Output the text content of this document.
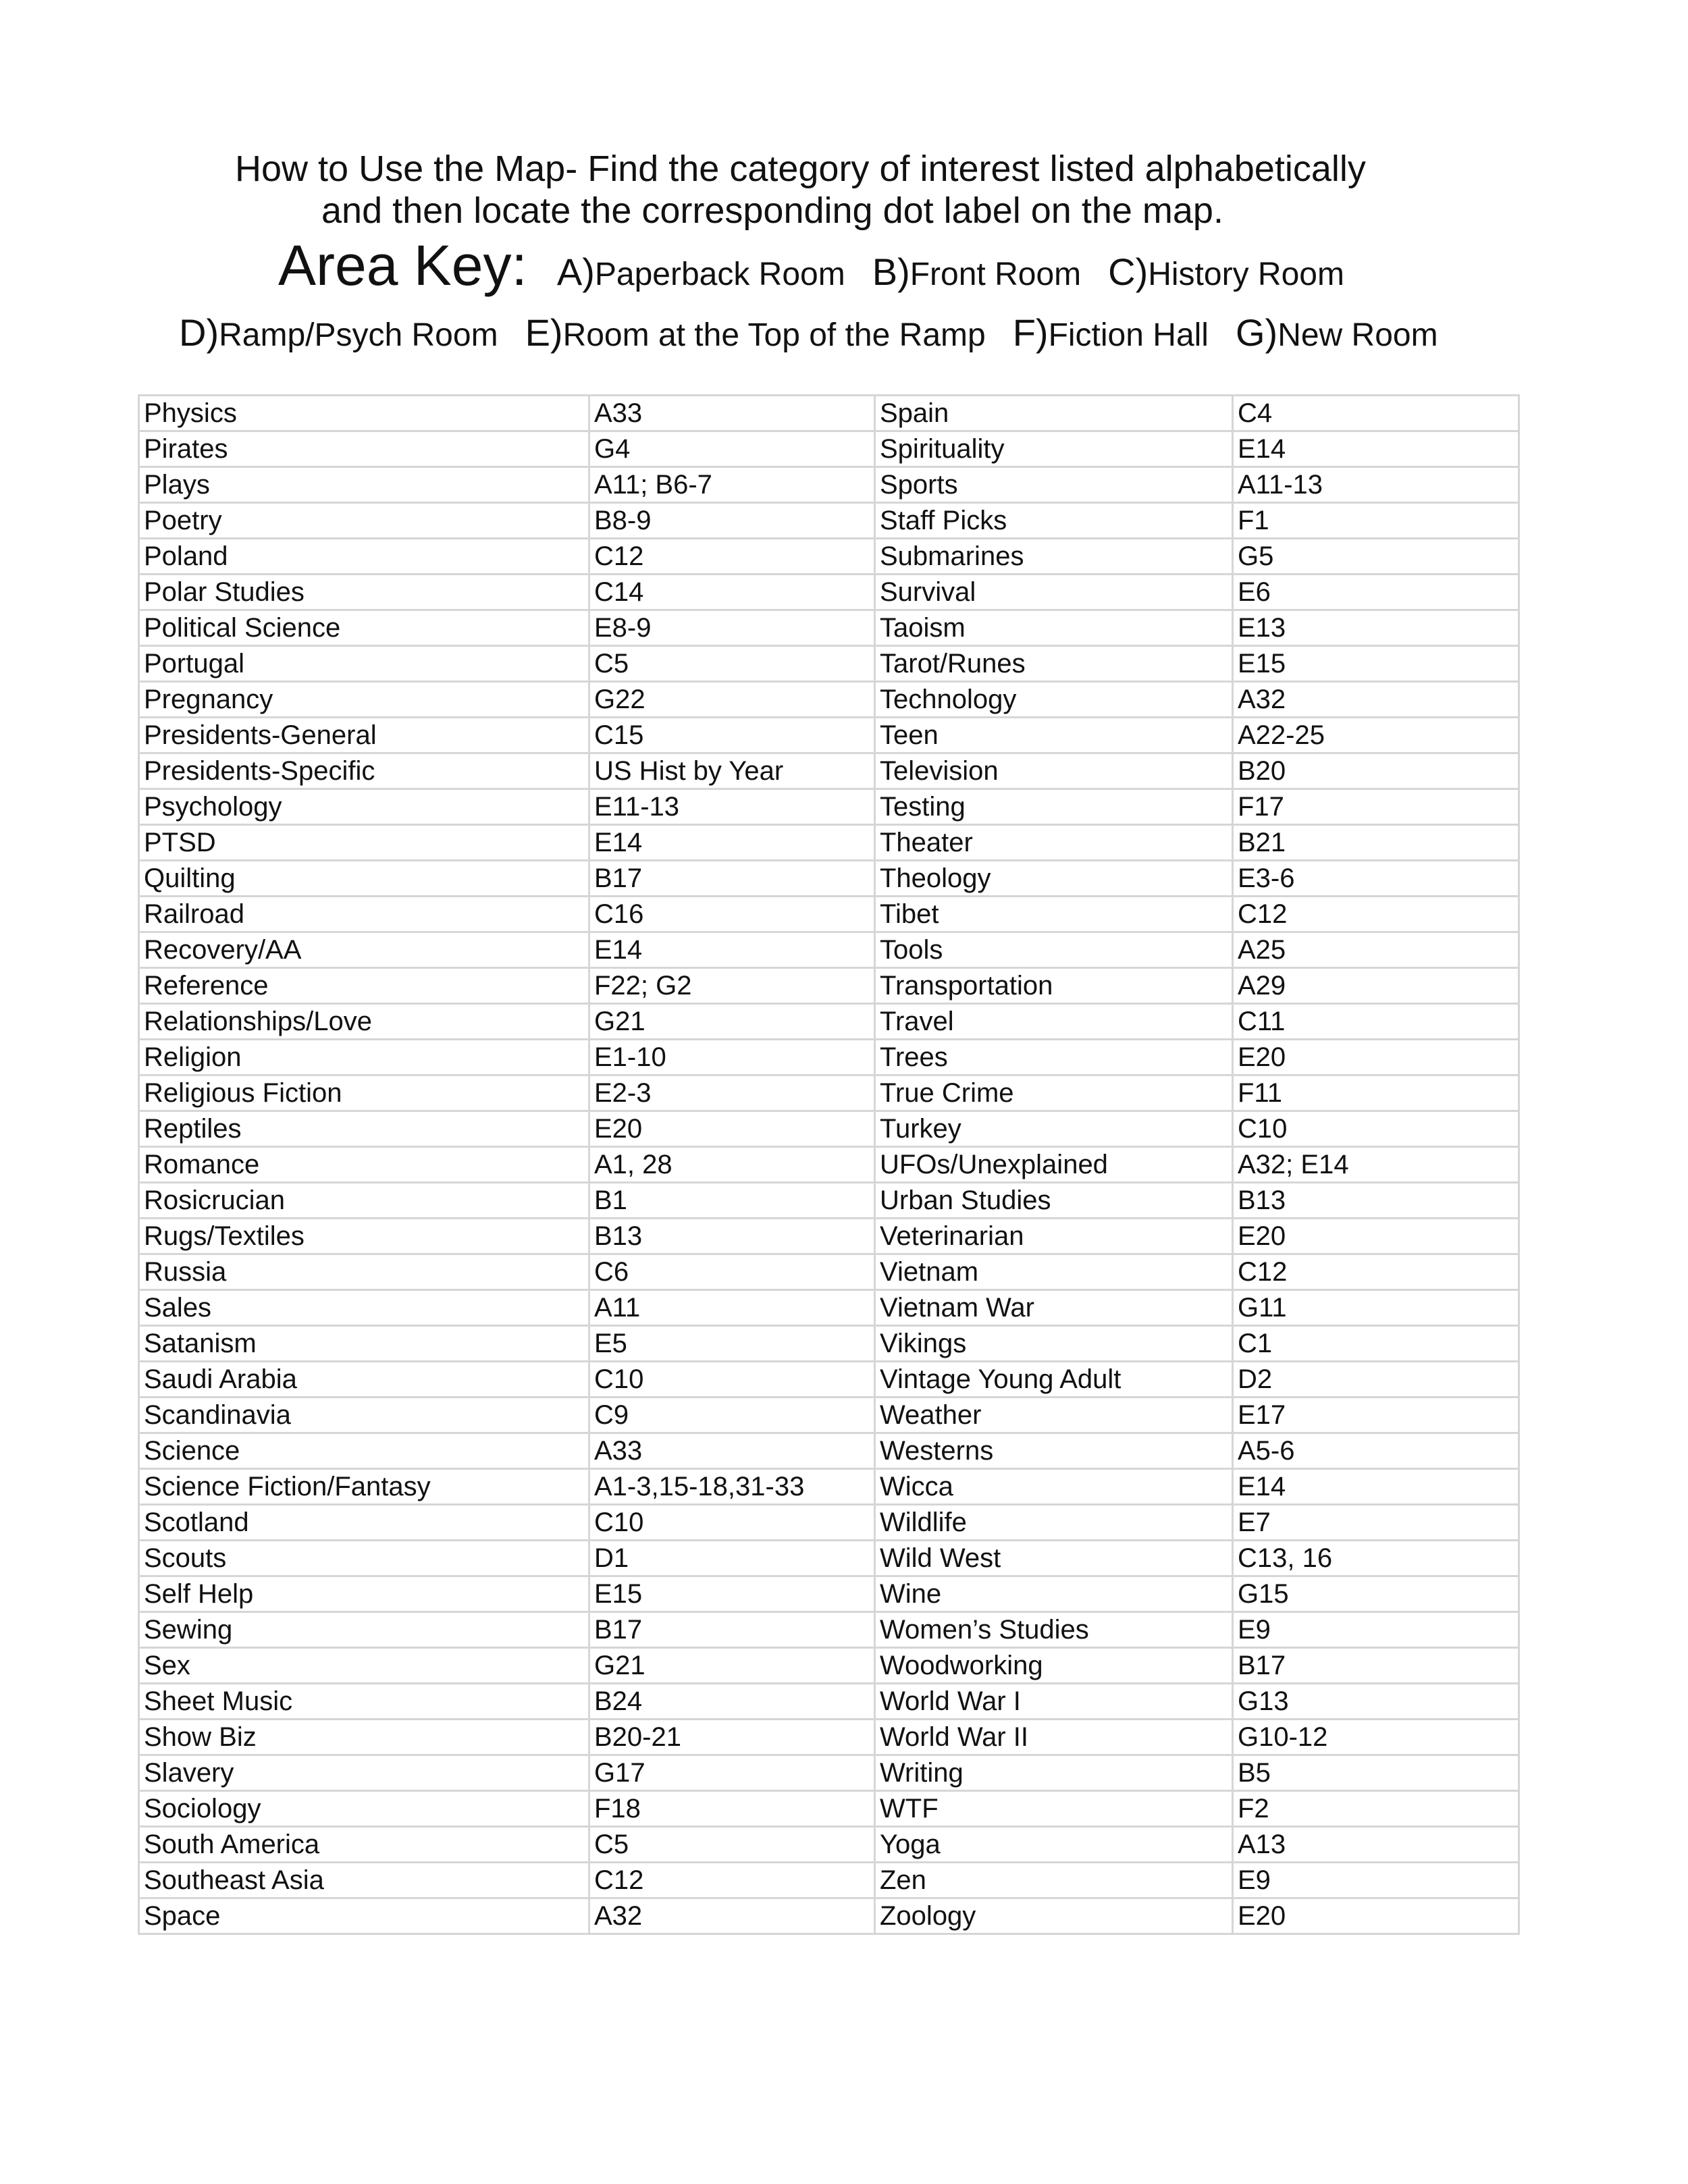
How to Use the Map- Find the category of interest listed alphabetically
and then locate the corresponding dot label on the map.
Area Key: A)Paperback Room B)Front Room C)History Room
D)Ramp/Psych Room E)Room at the Top of the Ramp F)Fiction Hall G)New Room
Physics	A33	Spain	C4
Pirates	G4	Spirituality	E14
Plays	A11; B6-7	Sports	A11-13
Poetry	B8-9	Staff Picks	F1
Poland	C12	Submarines	G5
Polar Studies	C14	Survival	E6
Political Science	E8-9	Taoism	E13
Portugal	C5	Tarot/Runes	E15
Pregnancy	G22	Technology	A32
Presidents-General	C15	Teen	A22-25
Presidents-Specific	US Hist by Year	Television	B20
Psychology	E11-13	Testing	F17
PTSD	E14	Theater	B21
Quilting	B17	Theology	E3-6
Railroad	C16	Tibet	C12
Recovery/AA	E14	Tools	A25
Reference	F22; G2	Transportation	A29
Relationships/Love	G21	Travel	C11
Religion	E1-10	Trees	E20
Religious Fiction	E2-3	True Crime	F11
Reptiles	E20	Turkey	C10
Romance	A1, 28	UFOs/Unexplained	A32; E14
Rosicrucian	B1	Urban Studies	B13
Rugs/Textiles	B13	Veterinarian	E20
Russia	C6	Vietnam	C12
Sales	A11	Vietnam War	G11
Satanism	E5	Vikings	C1
Saudi Arabia	C10	Vintage Young Adult	D2
Scandinavia	C9	Weather	E17
Science	A33	Westerns	A5-6
Science Fiction/Fantasy	A1-3,15-18,31-33	Wicca	E14
Scotland	C10	Wildlife	E7
Scouts	D1	Wild West	C13, 16
Self Help	E15	Wine	G15
Sewing	B17	Women’s Studies	E9
Sex	G21	Woodworking	B17
Sheet Music	B24	World War I	G13
Show Biz	B20-21	World War II	G10-12
Slavery	G17	Writing	B5
Sociology	F18	WTF	F2
South America	C5	Yoga	A13
Southeast Asia	C12	Zen	E9
Space	A32	Zoology	E20
